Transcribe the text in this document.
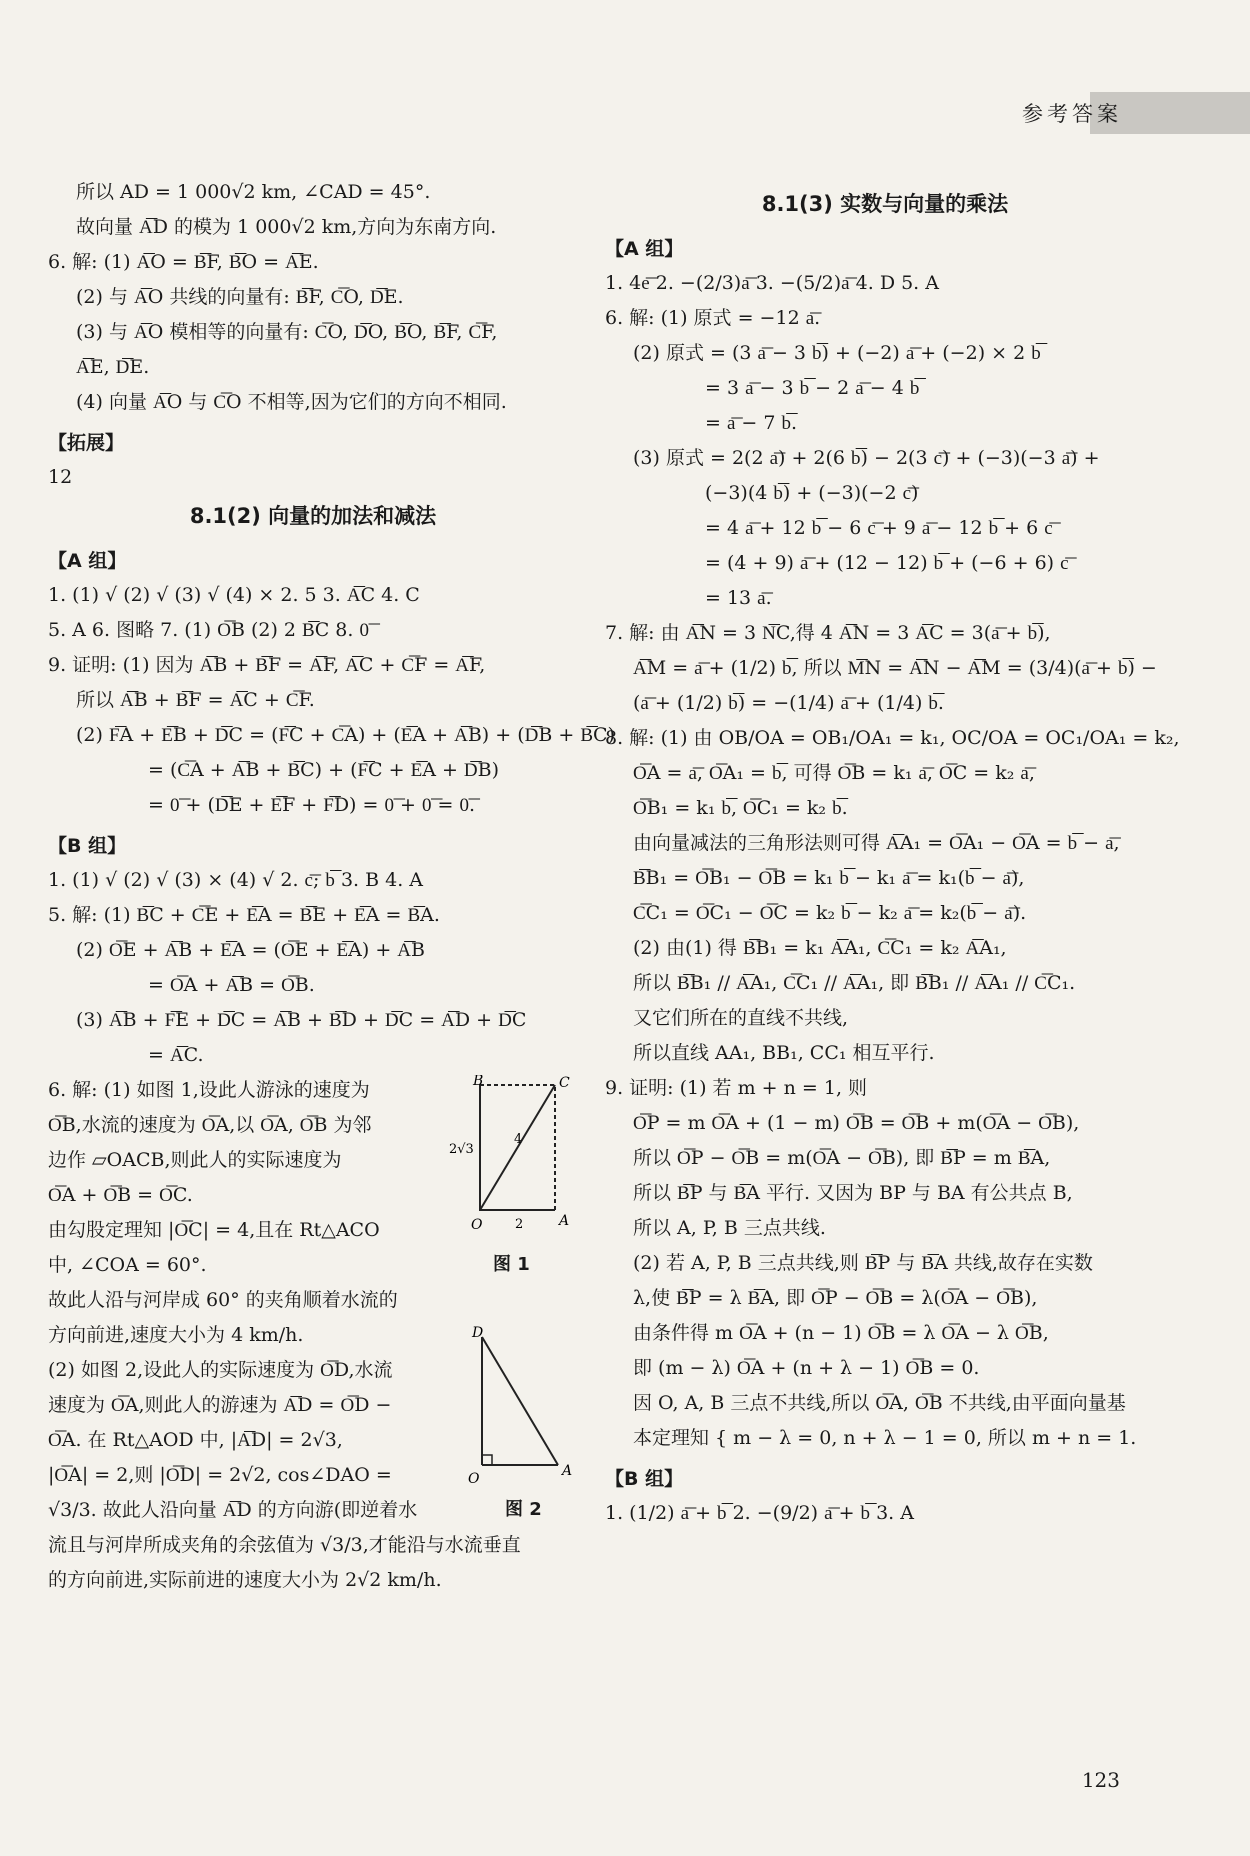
参考答案
所以 AD = 1 000√2 km, ∠CAD = 45°.
故向量 A͞D 的模为 1 000√2 km,方向为东南方向.
6. 解: (1) A͞O = B͞F, B͞O = A͞E.
(2) 与 A͞O 共线的向量有: B͞F, C͞O, D͞E.
(3) 与 A͞O 模相等的向量有: C͞O, D͞O, B͞O, B͞F, C͞F,
A͞E, D͞E.
(4) 向量 A͞O 与 C͞O 不相等,因为它们的方向不相同.
【拓展】
12
8.1(2) 向量的加法和减法
【A 组】
1. (1) √ (2) √ (3) √ (4) × 2. 5 3. A͞C 4. C
5. A 6. 图略 7. (1) O͞B (2) 2 B͞C 8. 0͞
9. 证明: (1) 因为 A͞B + B͞F = A͞F, A͞C + C͞F = A͞F,
所以 A͞B + B͞F = A͞C + C͞F.
(2) F͞A + E͞B + D͞C = (F͞C + C͞A) + (E͞A + A͞B) + (D͞B + B͞C)
= (C͞A + A͞B + B͞C) + (F͞C + E͞A + D͞B)
= 0͞ + (D͞E + E͞F + F͞D) = 0͞ + 0͞ = 0͞.
【B 组】
1. (1) √ (2) √ (3) × (4) √ 2. c͞; b͞ 3. B 4. A
5. 解: (1) B͞C + C͞E + E͞A = B͞E + E͞A = B͞A.
(2) O͞E + A͞B + E͞A = (O͞E + E͞A) + A͞B
= O͞A + A͞B = O͞B.
(3) A͞B + F͞E + D͞C = A͞B + B͞D + D͞C = A͞D + D͞C
= A͞C.
6. 解: (1) 如图 1,设此人游泳的速度为
O͞B,水流的速度为 O͞A,以 O͞A, O͞B 为邻
边作 ▱OACB,则此人的实际速度为
O͞A + O͞B = O͞C.
由勾股定理知 |O͞C| = 4,且在 Rt△ACO
中, ∠COA = 60°.
故此人沿与河岸成 60° 的夹角顺着水流的
方向前进,速度大小为 4 km/h.
(2) 如图 2,设此人的实际速度为 O͞D,水流
速度为 O͞A,则此人的游速为 A͞D = O͞D −
O͞A. 在 Rt△AOD 中, |A͞D| = 2√3,
|O͞A| = 2,则 |O͞D| = 2√2, cos∠DAO =
√3/3. 故此人沿向量 A͞D 的方向游(即逆着水
流且与河岸所成夹角的余弦值为 √3/3,才能沿与水流垂直
的方向前进,实际前进的速度大小为 2√2 km/h.
B	C
O	A
2√3
4
2
图 1
D
O	A
图 2
8.1(3) 实数与向量的乘法
【A 组】
1. 4e͞ 2. −(2/3)a͞ 3. −(5/2)a͞ 4. D 5. A
6. 解: (1) 原式 = −12 a͞.
(2) 原式 = (3 a͞ − 3 b͞) + (−2) a͞ + (−2) × 2 b͞
= 3 a͞ − 3 b͞ − 2 a͞ − 4 b͞
= a͞ − 7 b͞.
(3) 原式 = 2(2 a͞) + 2(6 b͞) − 2(3 c͞) + (−3)(−3 a͞) +
(−3)(4 b͞) + (−3)(−2 c͞)
= 4 a͞ + 12 b͞ − 6 c͞ + 9 a͞ − 12 b͞ + 6 c͞
= (4 + 9) a͞ + (12 − 12) b͞ + (−6 + 6) c͞
= 13 a͞.
7. 解: 由 A͞N = 3 N͞C,得 4 A͞N = 3 A͞C = 3(a͞ + b͞),
A͞M = a͞ + (1/2) b͞, 所以 M͞N = A͞N − A͞M = (3/4)(a͞ + b͞) −
(a͞ + (1/2) b͞) = −(1/4) a͞ + (1/4) b͞.
8. 解: (1) 由 OB/OA = OB₁/OA₁ = k₁, OC/OA = OC₁/OA₁ = k₂,
O͞A = a͞, O͞A₁ = b͞, 可得 O͞B = k₁ a͞, O͞C = k₂ a͞,
O͞B₁ = k₁ b͞, O͞C₁ = k₂ b͞.
由向量减法的三角形法则可得 A͞A₁ = O͞A₁ − O͞A = b͞ − a͞,
B͞B₁ = O͞B₁ − O͞B = k₁ b͞ − k₁ a͞ = k₁(b͞ − a͞),
C͞C₁ = O͞C₁ − O͞C = k₂ b͞ − k₂ a͞ = k₂(b͞ − a͞).
(2) 由(1) 得 B͞B₁ = k₁ A͞A₁, C͞C₁ = k₂ A͞A₁,
所以 B͞B₁ // A͞A₁, C͞C₁ // A͞A₁, 即 B͞B₁ // A͞A₁ // C͞C₁.
又它们所在的直线不共线,
所以直线 AA₁, BB₁, CC₁ 相互平行.
9. 证明: (1) 若 m + n = 1, 则
O͞P = m O͞A + (1 − m) O͞B = O͞B + m(O͞A − O͞B),
所以 O͞P − O͞B = m(O͞A − O͞B), 即 B͞P = m B͞A,
所以 B͞P 与 B͞A 平行. 又因为 BP 与 BA 有公共点 B,
所以 A, P, B 三点共线.
(2) 若 A, P, B 三点共线,则 B͞P 与 B͞A 共线,故存在实数
λ,使 B͞P = λ B͞A, 即 O͞P − O͞B = λ(O͞A − O͞B),
由条件得 m O͞A + (n − 1) O͞B = λ O͞A − λ O͞B,
即 (m − λ) O͞A + (n + λ − 1) O͞B = 0.
因 O, A, B 三点不共线,所以 O͞A, O͞B 不共线,由平面向量基
本定理知 { m − λ = 0, n + λ − 1 = 0, 所以 m + n = 1.
【B 组】
1. (1/2) a͞ + b͞ 2. −(9/2) a͞ + b͞ 3. A
123
